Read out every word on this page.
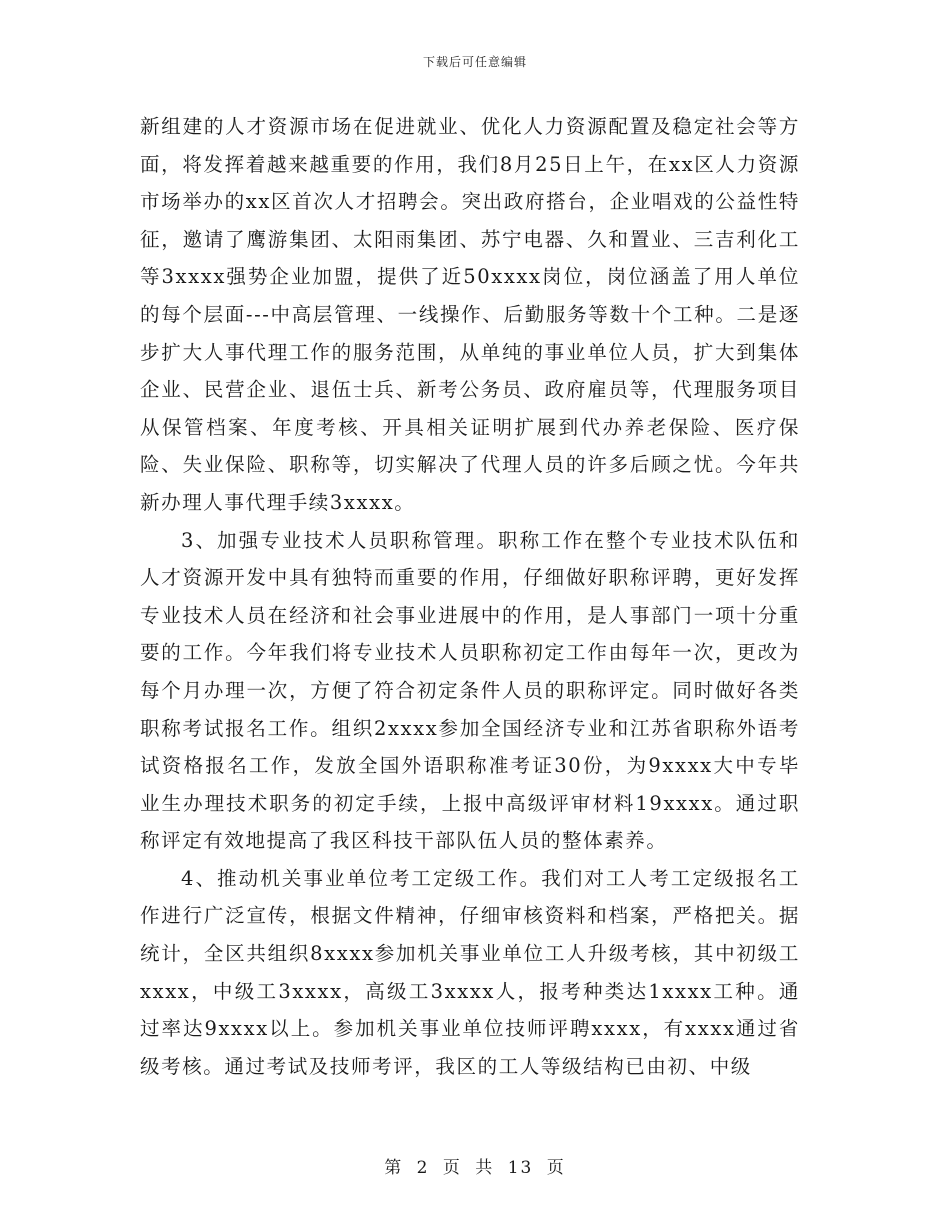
下载后可任意编辑

新组建的人才资源市场在促进就业、优化人力资源配置及稳定社会等方面，将发挥着越来越重要的作用，我们8月25日上午，在xx区人力资源市场举办的xx区首次人才招聘会。突出政府搭台，企业唱戏的公益性特征，邀请了鹰游集团、太阳雨集团、苏宁电器、久和置业、三吉利化工等3xxxx强势企业加盟，提供了近50xxxx岗位，岗位涵盖了用人单位的每个层面---中高层管理、一线操作、后勤服务等数十个工种。二是逐步扩大人事代理工作的服务范围，从单纯的事业单位人员，扩大到集体企业、民营企业、退伍士兵、新考公务员、政府雇员等，代理服务项目从保管档案、年度考核、开具相关证明扩展到代办养老保险、医疗保险、失业保险、职称等，切实解决了代理人员的许多后顾之忧。今年共新办理人事代理手续3xxxx。

3、加强专业技术人员职称管理。职称工作在整个专业技术队伍和人才资源开发中具有独特而重要的作用，仔细做好职称评聘，更好发挥专业技术人员在经济和社会事业进展中的作用，是人事部门一项十分重要的工作。今年我们将专业技术人员职称初定工作由每年一次，更改为每个月办理一次，方便了符合初定条件人员的职称评定。同时做好各类职称考试报名工作。组织2xxxx参加全国经济专业和江苏省职称外语考试资格报名工作，发放全国外语职称准考证30份，为9xxxx大中专毕业生办理技术职务的初定手续，上报中高级评审材料19xxxx。通过职称评定有效地提高了我区科技干部队伍人员的整体素养。

4、推动机关事业单位考工定级工作。我们对工人考工定级报名工作进行广泛宣传，根据文件精神，仔细审核资料和档案，严格把关。据统计，全区共组织8xxxx参加机关事业单位工人升级考核，其中初级工xxxx，中级工3xxxx，高级工3xxxx人，报考种类达1xxxx工种。通过率达9xxxx以上。参加机关事业单位技师评聘xxxx，有xxxx通过省级考核。通过考试及技师考评，我区的工人等级结构已由初、中级

第 2 页 共 13 页
